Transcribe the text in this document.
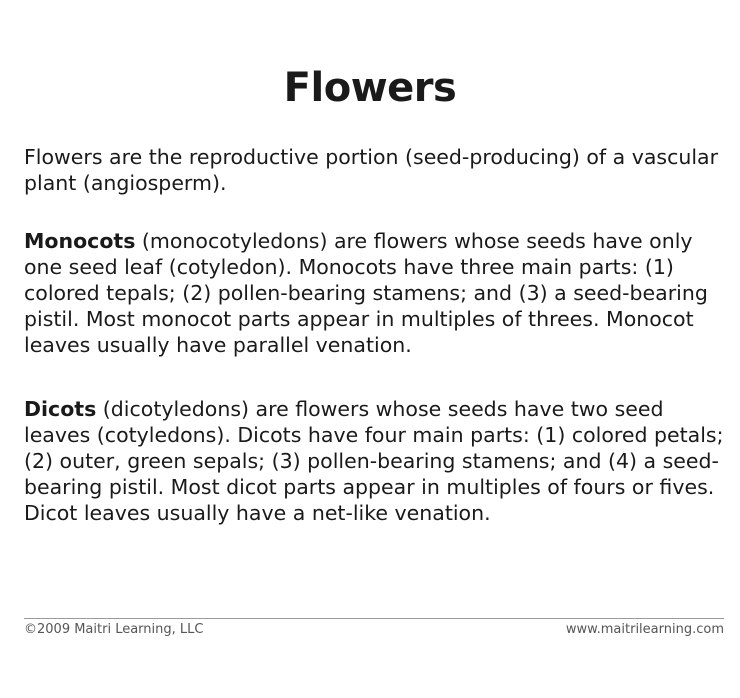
Flowers

Flowers are the reproductive portion (seed-producing) of a vascular plant (angiosperm).

Monocots (monocotyledons) are flowers whose seeds have only one seed leaf (cotyledon). Monocots have three main parts: (1) colored tepals; (2) pollen-bearing stamens; and (3) a seed-bearing pistil. Most monocot parts appear in multiples of threes. Monocot leaves usually have parallel venation.

Dicots (dicotyledons) are flowers whose seeds have two seed leaves (cotyledons). Dicots have four main parts: (1) colored petals; (2) outer, green sepals; (3) pollen-bearing stamens; and (4) a seed-bearing pistil. Most dicot parts appear in multiples of fours or fives. Dicot leaves usually have a net-like venation.

©2009 Maitri Learning, LLC	www.maitrilearning.com
